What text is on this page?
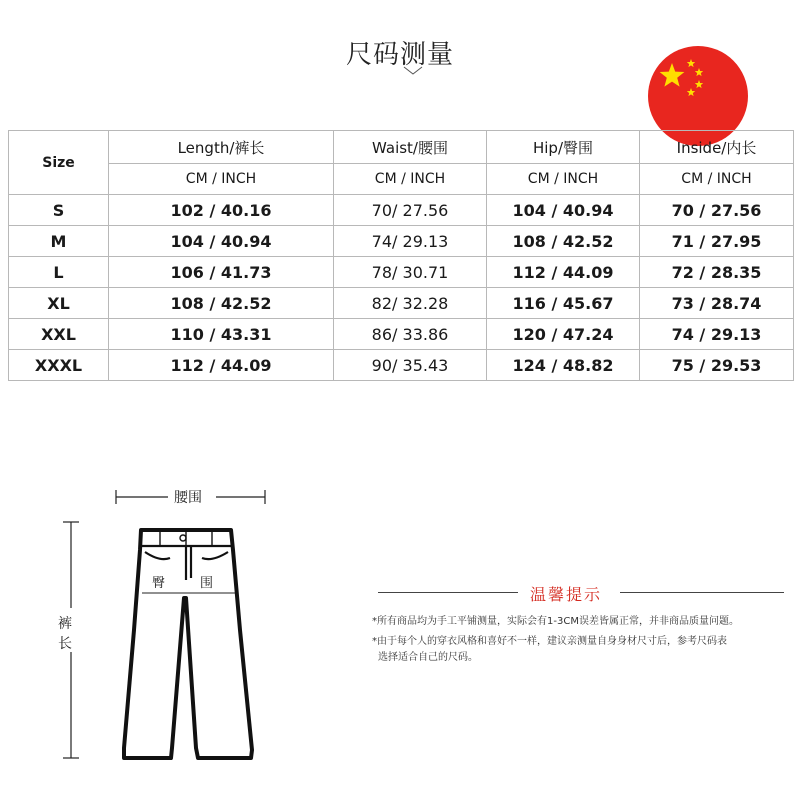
尺码测量
Size	Length/裤长	Waist/腰围	Hip/臀围	Inside/内长
	CM / INCH	CM / INCH	CM / INCH	CM / INCH
S	102 / 40.16	70/ 27.56	104 / 40.94	70 / 27.56
M	104 / 40.94	74/ 29.13	108 / 42.52	71 / 27.95
L	106 / 41.73	78/ 30.71	112 / 44.09	72 / 28.35
XL	108 / 42.52	82/ 32.28	116 / 45.67	73 / 28.74
XXL	110 / 43.31	86/ 33.86	120 / 47.24	74 / 29.13
XXXL	112 / 44.09	90/ 35.43	124 / 48.82	75 / 29.53
腰围
臀	围
裤
长
温馨提示
*所有商品均为手工平铺测量，实际会有1-3CM误差皆属正常，并非商品质量问题。
*由于每个人的穿衣风格和喜好不一样，建议亲测量自身身材尺寸后，参考尺码表
选择适合自己的尺码。
